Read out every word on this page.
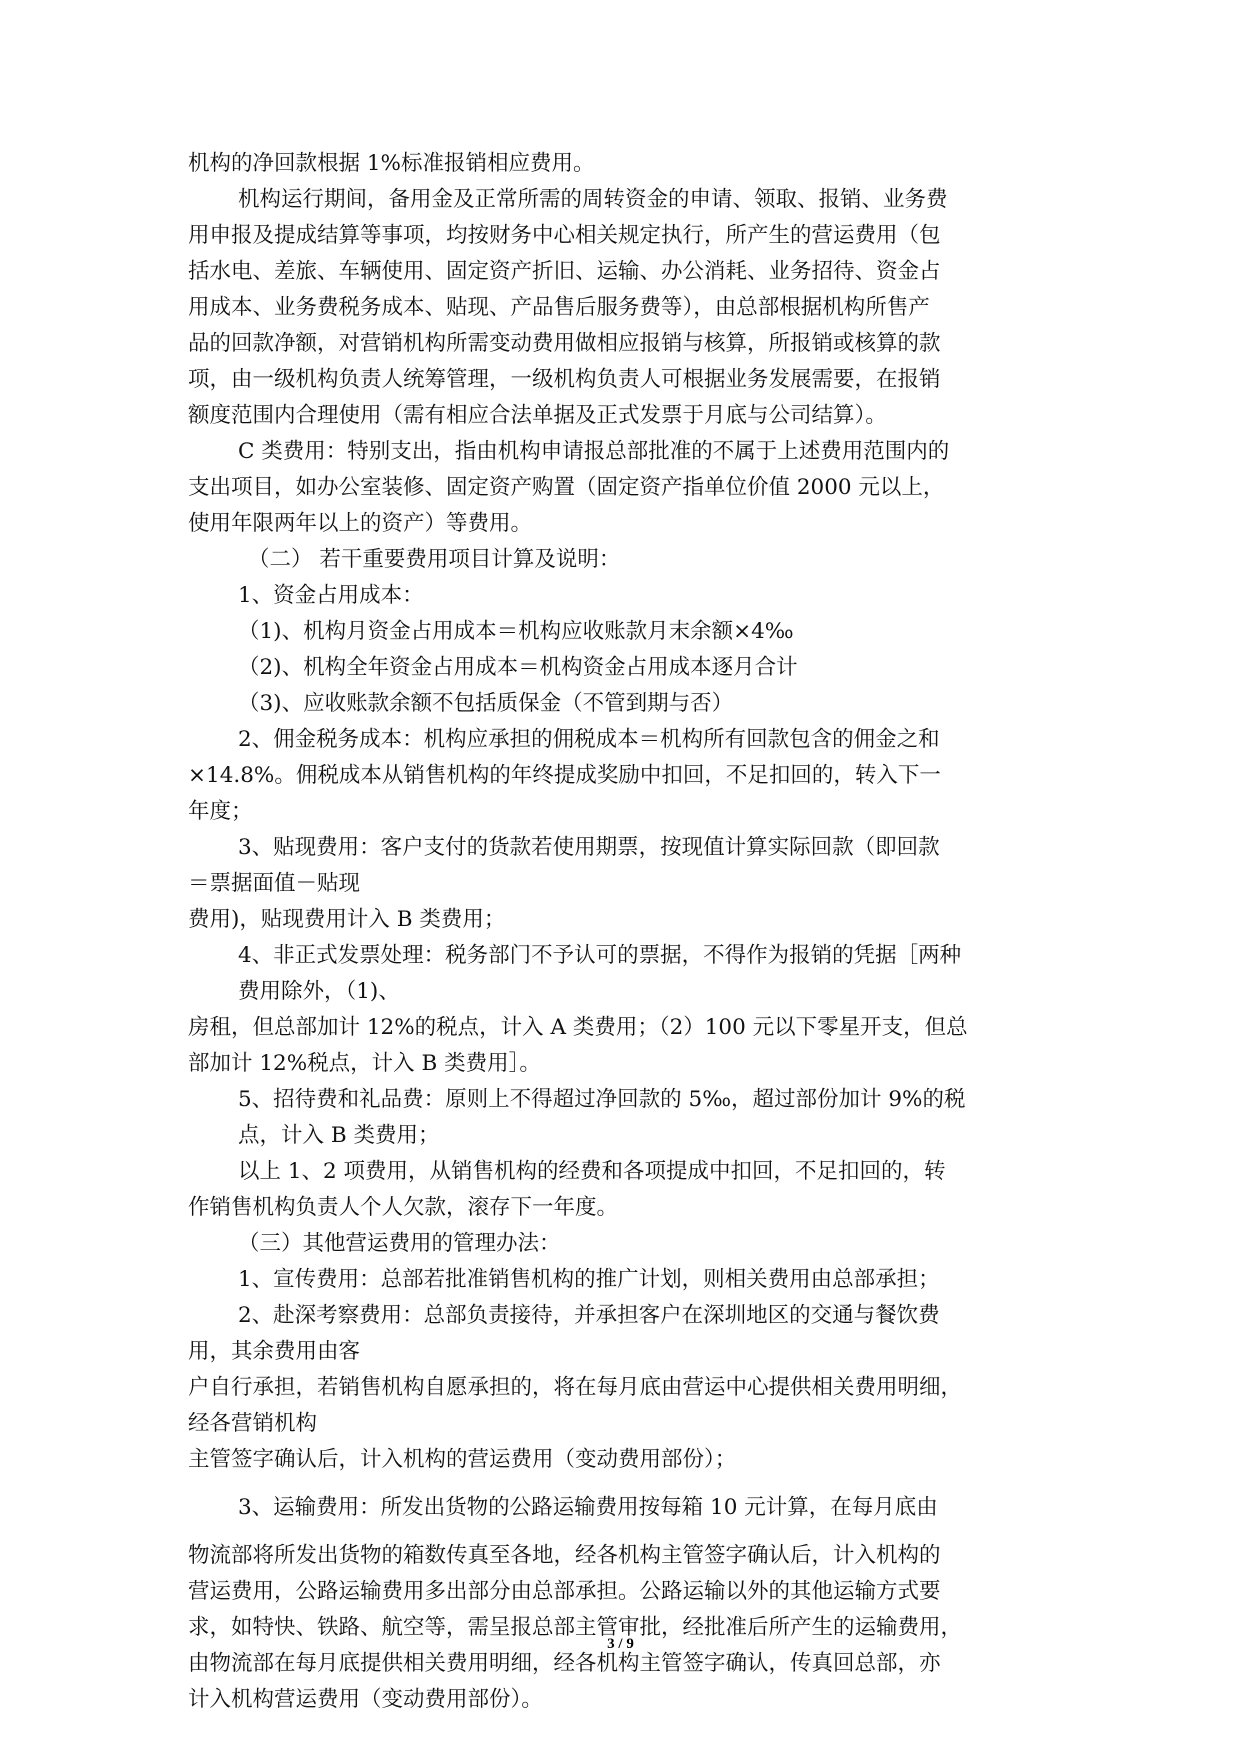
机构的净回款根据 1%标准报销相应费用。
机构运行期间，备用金及正常所需的周转资金的申请、领取、报销、业务费
用申报及提成结算等事项，均按财务中心相关规定执行，所产生的营运费用（包
括水电、差旅、车辆使用、固定资产折旧、运输、办公消耗、业务招待、资金占
用成本、业务费税务成本、贴现、产品售后服务费等），由总部根据机构所售产
品的回款净额，对营销机构所需变动费用做相应报销与核算，所报销或核算的款
项，由一级机构负责人统筹管理，一级机构负责人可根据业务发展需要，在报销
额度范围内合理使用（需有相应合法单据及正式发票于月底与公司结算）。
C 类费用：特别支出，指由机构申请报总部批准的不属于上述费用范围内的
支出项目，如办公室装修、固定资产购置（固定资产指单位价值 2000 元以上，
使用年限两年以上的资产）等费用。
（二） 若干重要费用项目计算及说明：
1、资金占用成本：
（1)、机构月资金占用成本＝机构应收账款月末余额×4‰
（2)、机构全年资金占用成本＝机构资金占用成本逐月合计
（3)、应收账款余额不包括质保金（不管到期与否）
2、佣金税务成本：机构应承担的佣税成本＝机构所有回款包含的佣金之和
×14.8%。佣税成本从销售机构的年终提成奖励中扣回，不足扣回的，转入下一
年度；
3、贴现费用：客户支付的货款若使用期票，按现值计算实际回款（即回款
＝票据面值－贴现
费用)，贴现费用计入 B 类费用；
4、非正式发票处理：税务部门不予认可的票据，不得作为报销的凭据［两种
费用除外，（1)、
房租，但总部加计 12%的税点，计入 A 类费用；（2）100 元以下零星开支，但总
部加计 12%税点，计入 B 类费用］。
5、招待费和礼品费：原则上不得超过净回款的 5‰，超过部份加计 9%的税
点，计入 B 类费用；
以上 1、2 项费用，从销售机构的经费和各项提成中扣回，不足扣回的，转
作销售机构负责人个人欠款，滚存下一年度。
（三）其他营运费用的管理办法：
1、宣传费用：总部若批准销售机构的推广计划，则相关费用由总部承担；
2、赴深考察费用：总部负责接待，并承担客户在深圳地区的交通与餐饮费
用，其余费用由客
户自行承担，若销售机构自愿承担的，将在每月底由营运中心提供相关费用明细，
经各营销机构
主管签字确认后，计入机构的营运费用（变动费用部份）；
3、运输费用：所发出货物的公路运输费用按每箱 10 元计算，在每月底由
物流部将所发出货物的箱数传真至各地，经各机构主管签字确认后，计入机构的
营运费用，公路运输费用多出部分由总部承担。公路运输以外的其他运输方式要
求，如特快、铁路、航空等，需呈报总部主管审批，经批准后所产生的运输费用，
由物流部在每月底提供相关费用明细，经各机构主管签字确认，传真回总部，亦
计入机构营运费用（变动费用部份）。
3 / 9
